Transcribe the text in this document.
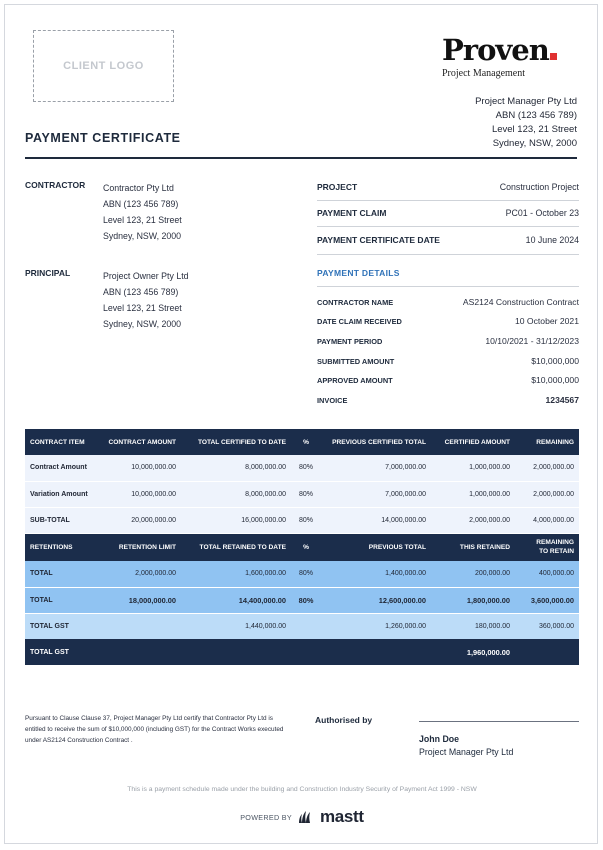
CLIENT LOGO	Proven
Project Management
Project Manager Pty Ltd
ABN (123 456 789)
Level 123, 21 Street
Sydney, NSW, 2000
PAYMENT CERTIFICATE
CONTRACTOR	Contractor Pty Ltd
ABN (123 456 789)
Level 123, 21 Street
Sydney, NSW, 2000
PRINCIPAL	Project Owner Pty Ltd
ABN (123 456 789)
Level 123, 21 Street
Sydney, NSW, 2000
PROJECT	Construction Project
PAYMENT CLAIM	PC01 - October 23
PAYMENT CERTIFICATE DATE	10 June 2024
PAYMENT DETAILS
CONTRACTOR NAME	AS2124 Construction Contract
DATE CLAIM RECEIVED	10 October 2021
PAYMENT PERIOD	10/10/2021 - 31/12/2023
SUBMITTED AMOUNT	$10,000,000
APPROVED AMOUNT	$10,000,000
INVOICE	1234567
CONTRACT ITEM	CONTRACT AMOUNT	TOTAL CERTIFIED TO DATE	%	PREVIOUS CERTIFIED TOTAL	CERTIFIED AMOUNT	REMAINING
Contract Amount	10,000,000.00	8,000,000.00	80%	7,000,000.00	1,000,000.00	2,000,000.00
Variation Amount	10,000,000.00	8,000,000.00	80%	7,000,000.00	1,000,000.00	2,000,000.00
SUB-TOTAL	20,000,000.00	16,000,000.00	80%	14,000,000.00	2,000,000.00	4,000,000.00
RETENTIONS	RETENTION LIMIT	TOTAL RETAINED TO DATE	%	PREVIOUS TOTAL	THIS RETAINED	REMAINING
TO RETAIN
TOTAL	2,000,000.00	1,600,000.00	80%	1,400,000.00	200,000.00	400,000.00
TOTAL	18,000,000.00	14,400,000.00	80%	12,600,000.00	1,800,000.00	3,600,000.00
TOTAL GST		1,440,000.00		1,260,000.00	180,000.00	360,000.00
TOTAL GST					1,960,000.00	
Pursuant to Clause Clause 37, Project Manager Pty Ltd certify that Contractor Pty Ltd is entitled to receive the sum of $10,000,000 (including GST) for the Contract Works executed under AS2124 Construction Contract .
Authorised by
John Doe
Project Manager Pty Ltd
This is a payment schedule made under the building and Construction Industry Security of Payment Act 1999 - NSW
POWERED BY mastt
